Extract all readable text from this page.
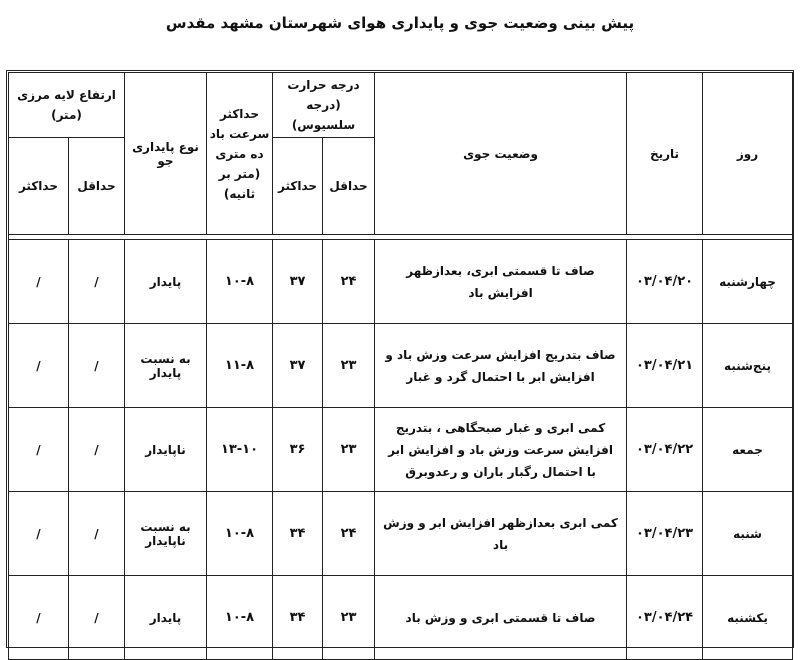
پیش بینی وضعیت جوی و پایداری هوای شهرستان مشهد مقدس
روز	تاریخ	وضعیت جوی	درجه حرارت (درجه سلسیوس)		حداکثر سرعت باد ده متری
(متر بر ثانیه)	نوع پایداری جو	ارتفاع لایه مرزی (متر)	
			حداقل	حداکثر			حداقل	حداکثر

چهارشنبه	۰۳/۰۴/۲۰	صاف تا قسمتی ابری، بعدازظهر افزایش باد	۲۴	۳۷	۱۰-۸	پایدار	/	/
پنج‌شنبه	۰۳/۰۴/۲۱	صاف بتدریج افزایش سرعت وزش باد و افزایش ابر با احتمال گرد و غبار	۲۳	۳۷	۱۱-۸	به نسبت پایدار	/	/
جمعه	۰۳/۰۴/۲۲	کمی ابری و غبار صبحگاهی ، بتدریج افزایش سرعت وزش باد و افزایش ابر با احتمال رگبار باران و رعدوبرق	۲۳	۳۶	۱۳-۱۰	ناپایدار	/	/
شنبه	۰۳/۰۴/۲۳	کمی ابری بعدازظهر افزایش ابر و وزش باد	۲۴	۳۴	۱۰-۸	به نسبت ناپایدار	/	/
یکشنبه	۰۳/۰۴/۲۴	صاف تا قسمتی ابری و وزش باد	۲۳	۳۴	۱۰-۸	پایدار	/	/
